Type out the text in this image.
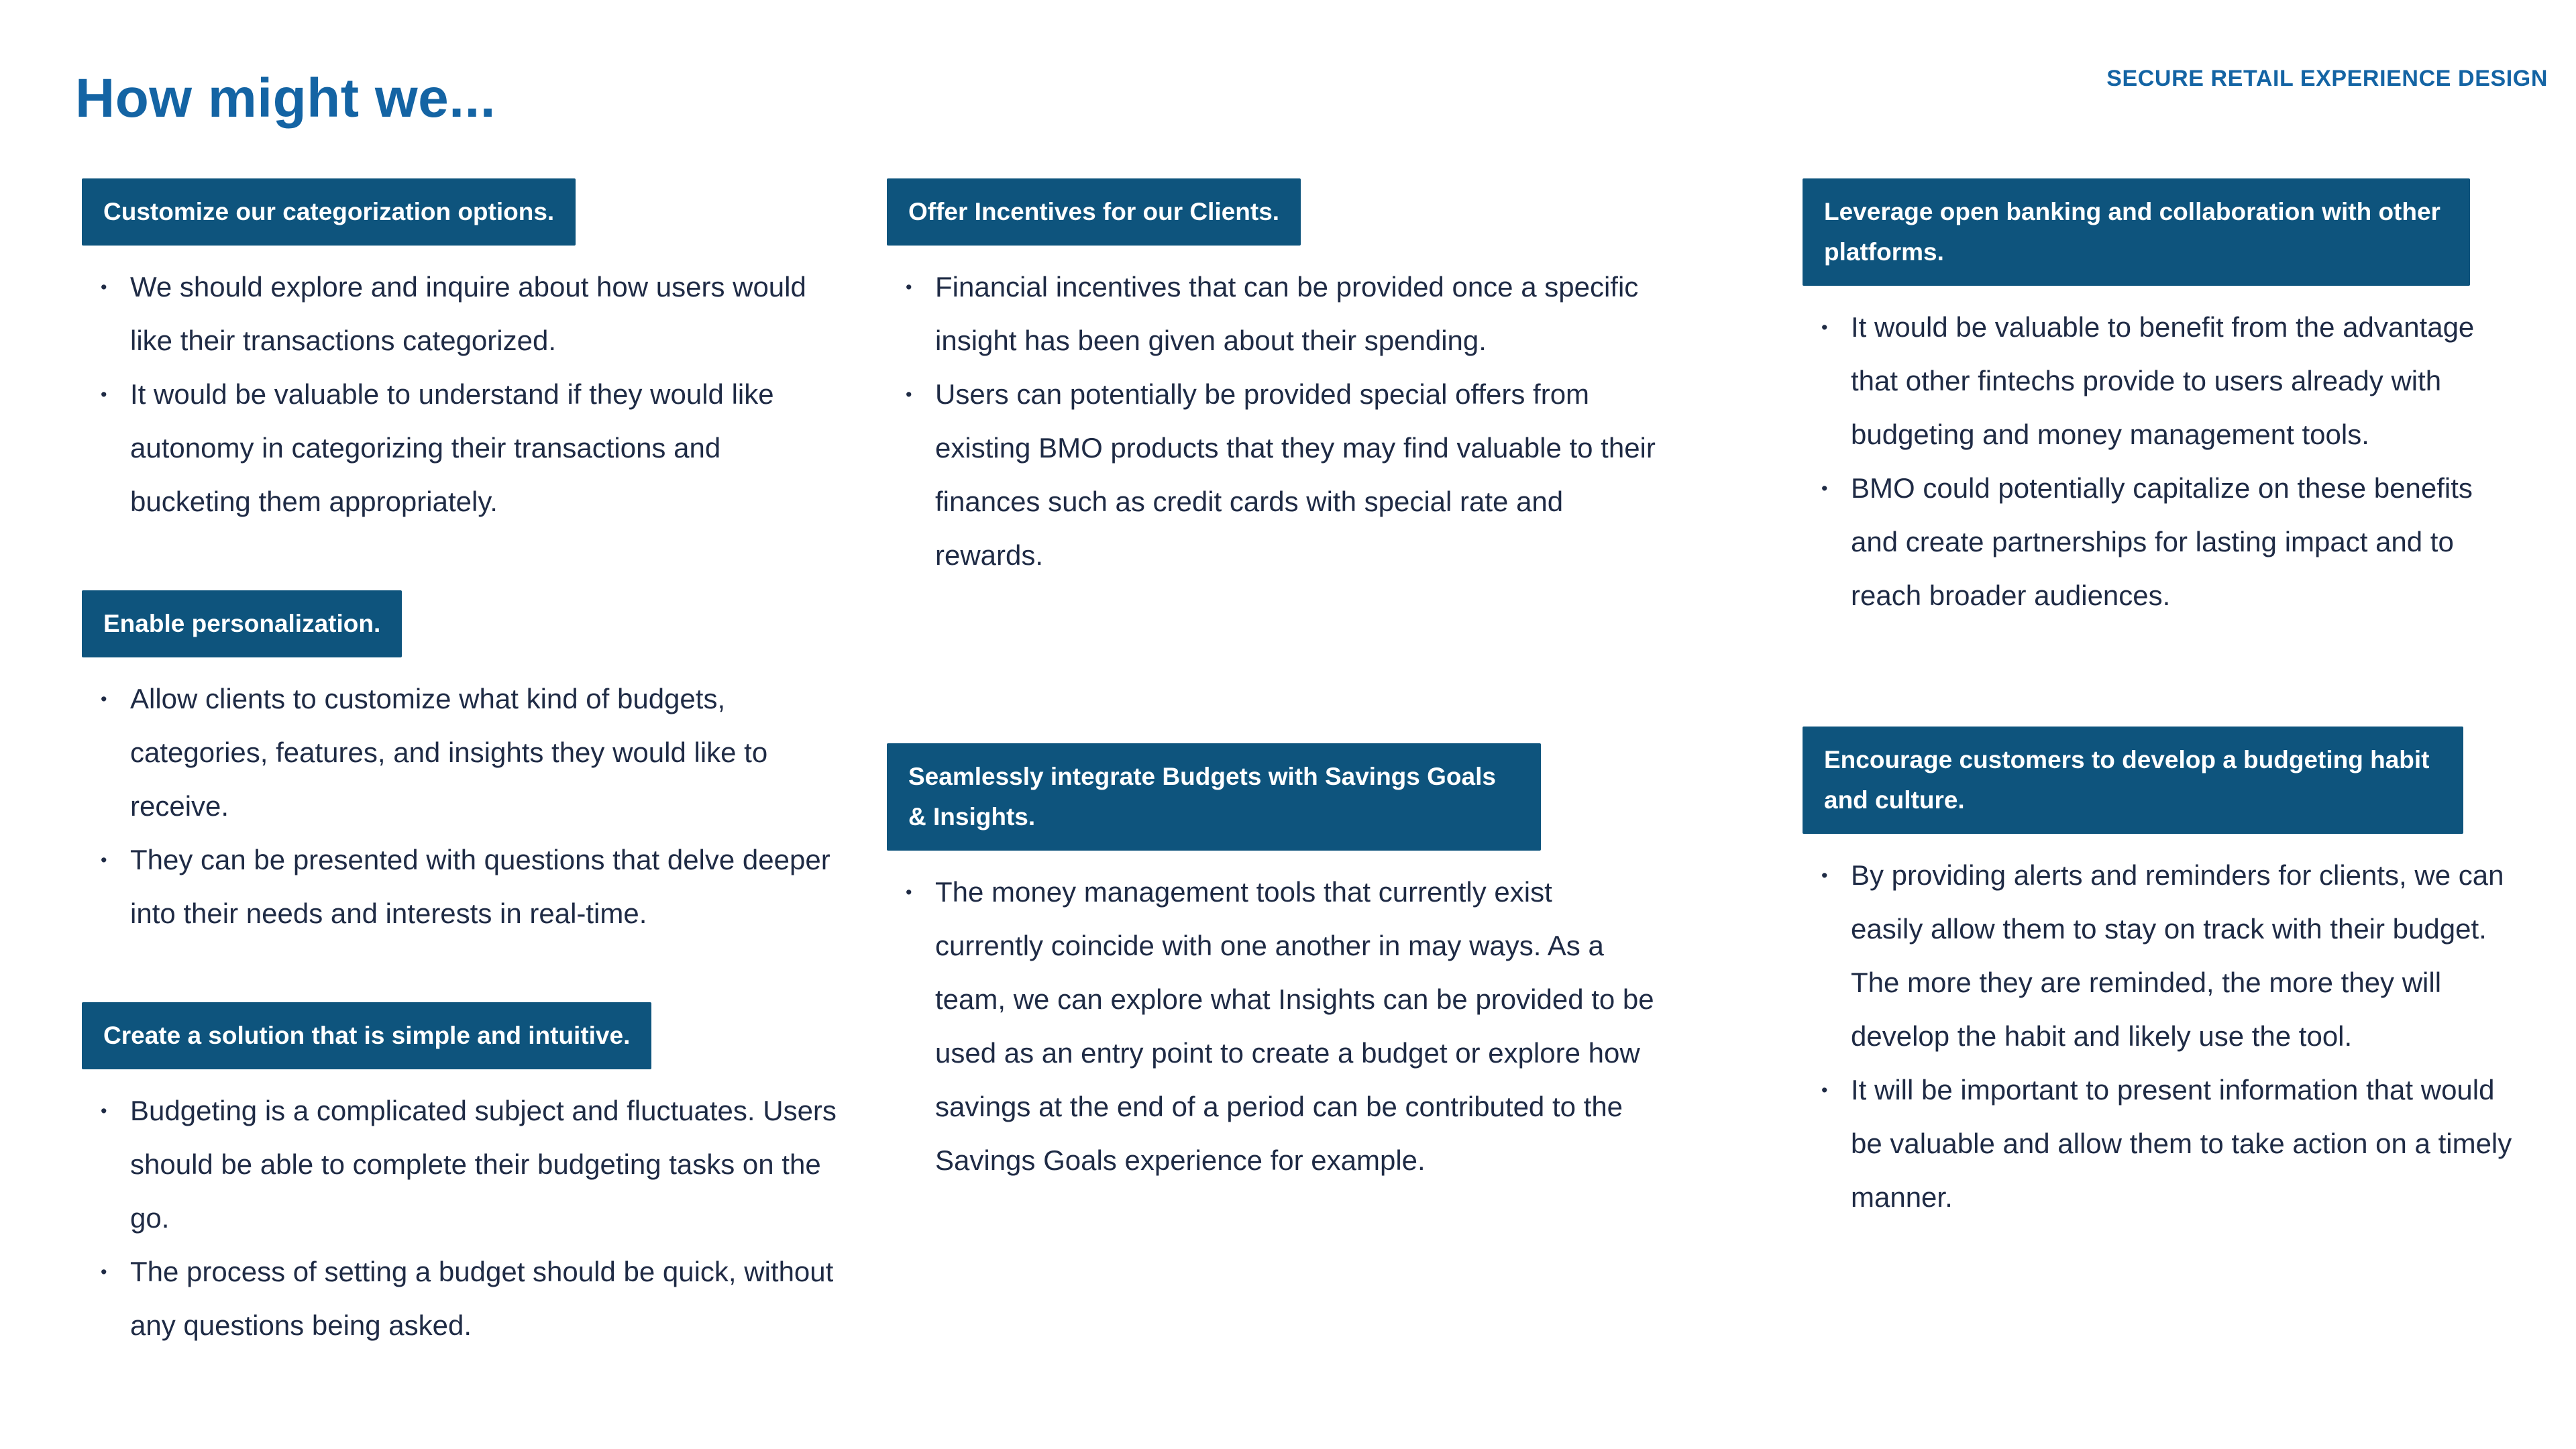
How might we...	SECURE RETAIL EXPERIENCE DESIGN
Customize our categorization options.
• We should explore and inquire about how users would like their transactions categorized.
• It would be valuable to understand if they would like autonomy in categorizing their transactions and bucketing them appropriately.
Enable personalization.
• Allow clients to customize what kind of budgets, categories, features, and insights they would like to receive.
• They can be presented with questions that delve deeper into their needs and interests in real-time.
Create a solution that is simple and intuitive.
• Budgeting is a complicated subject and fluctuates. Users should be able to complete their budgeting tasks on the go.
• The process of setting a budget should be quick, without any questions being asked.
Offer Incentives for our Clients.
• Financial incentives that can be provided once a specific insight has been given about their spending.
• Users can potentially be provided special offers from existing BMO products that they may find valuable to their finances such as credit cards with special rate and rewards.
Seamlessly integrate Budgets with Savings Goals & Insights.
• The money management tools that currently exist currently coincide with one another in may ways. As a team, we can explore what Insights can be provided to be used as an entry point to create a budget or explore how savings at the end of a period can be contributed to the Savings Goals experience for example.
Leverage open banking and collaboration with other platforms.
• It would be valuable to benefit from the advantage that other fintechs provide to users already with budgeting and money management tools.
• BMO could potentially capitalize on these benefits and create partnerships for lasting impact and to reach broader audiences.
Encourage customers to develop a budgeting habit and culture.
• By providing alerts and reminders for clients, we can easily allow them to stay on track with their budget. The more they are reminded, the more they will develop the habit and likely use the tool.
• It will be important to present information that would be valuable and allow them to take action on a timely manner.
